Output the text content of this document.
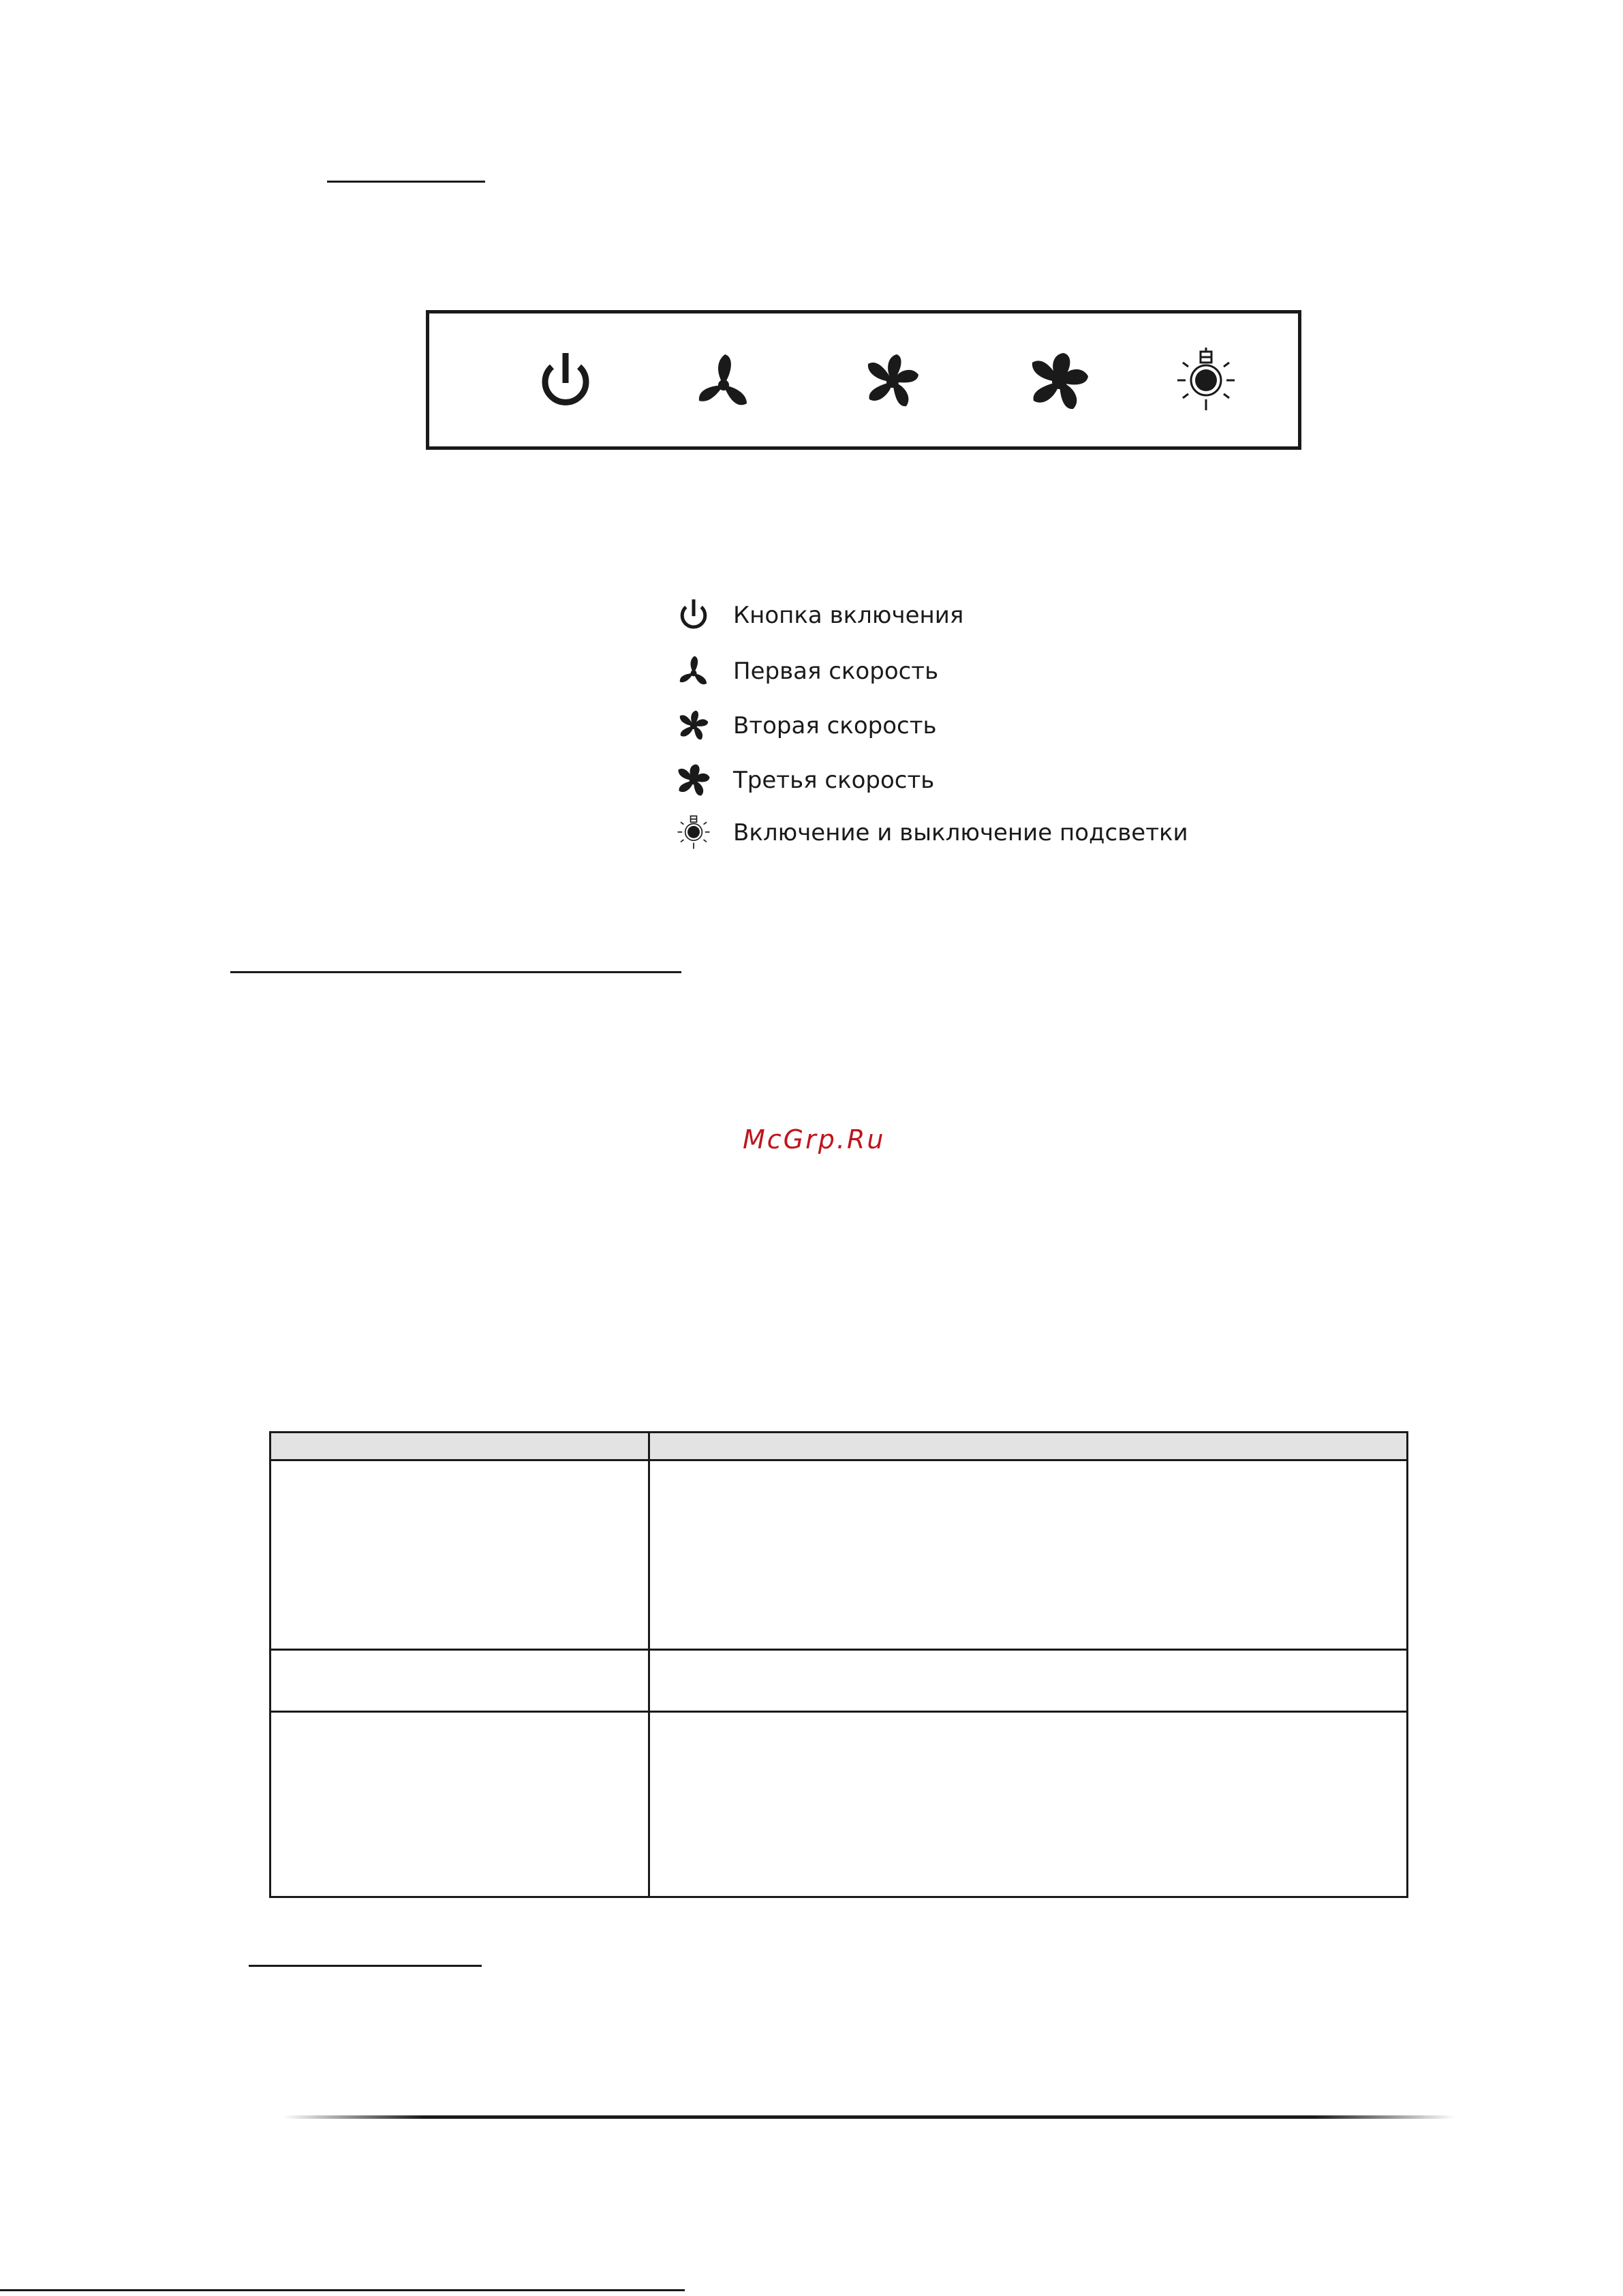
Кнопка включения
Первая скорость
Вторая скорость
Третья скорость
Включение и выключение подсветки
McGrp.Ru
